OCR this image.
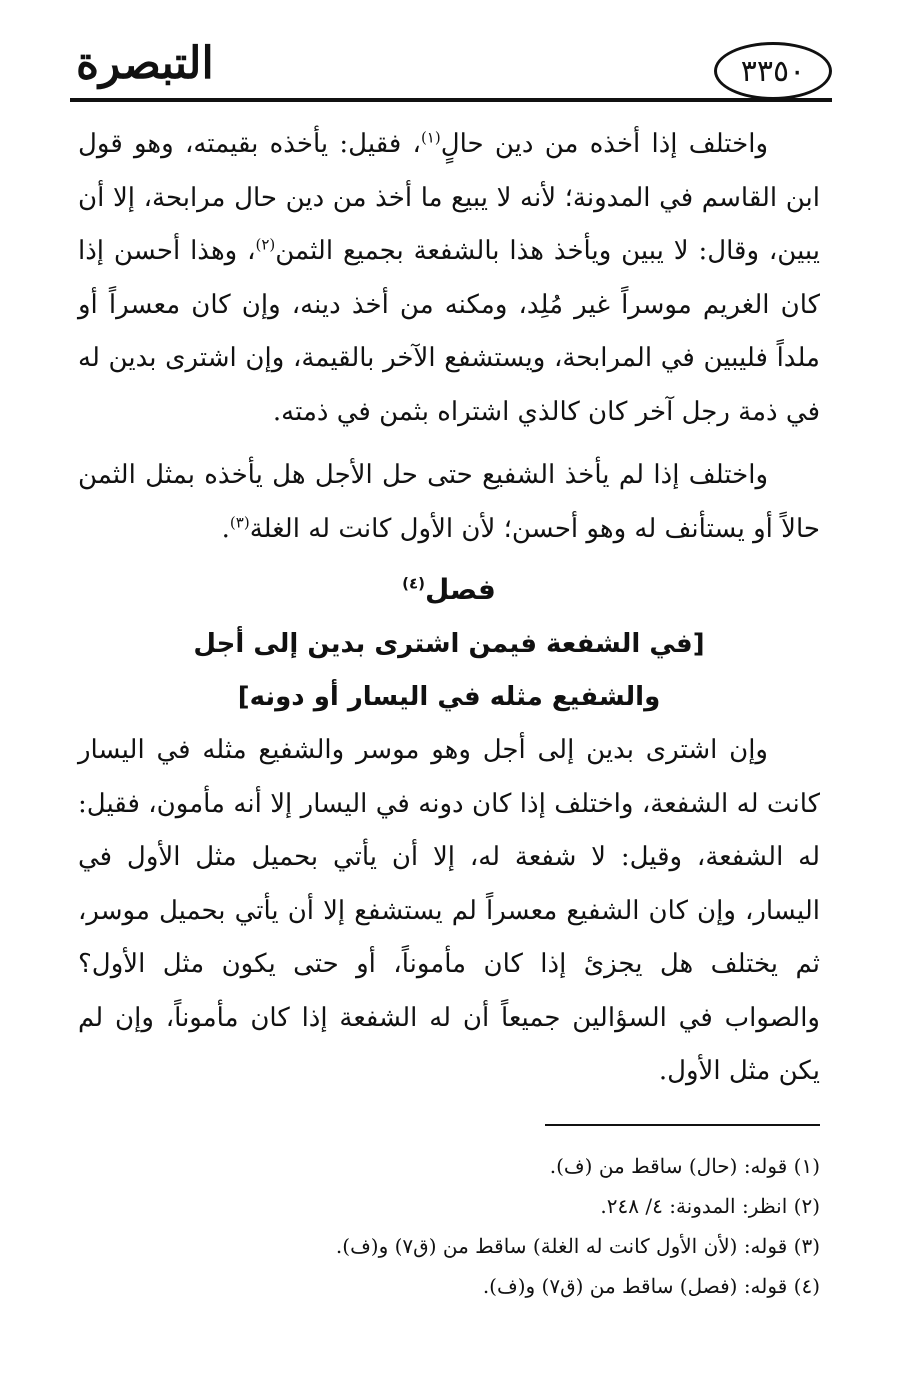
التبصرة	٣٣٥٠

واختلف إذا أخذه من دين حالٍ$^{(١)}$، فقيل: يأخذه بقيمته، وهو قول ابن القاسم في المدونة؛ لأنه لا يبيع ما أخذ من دين حال مرابحة، إلا أن يبين، وقال: لا يبين ويأخذ هذا بالشفعة بجميع الثمن$^{(٢)}$، وهذا أحسن إذا كان الغريم موسراً غير مُلِد، ومكنه من أخذ دينه، وإن كان معسراً أو ملداً فليبين في المرابحة، ويستشفع الآخر بالقيمة، وإن اشترى بدين له في ذمة رجل آخر كان كالذي اشتراه بثمن في ذمته.

واختلف إذا لم يأخذ الشفيع حتى حل الأجل هل يأخذه بمثل الثمن حالاً أو يستأنف له وهو أحسن؛ لأن الأول كانت له الغلة$^{(٣)}$.

فصل$^{(٤)}$

[في الشفعة فيمن اشترى بدين إلى أجل

والشفيع مثله في اليسار أو دونه]

وإن اشترى بدين إلى أجل وهو موسر والشفيع مثله في اليسار كانت له الشفعة، واختلف إذا كان دونه في اليسار إلا أنه مأمون، فقيل: له الشفعة، وقيل: لا شفعة له، إلا أن يأتي بحميل مثل الأول في اليسار، وإن كان الشفيع معسراً لم يستشفع إلا أن يأتي بحميل موسر، ثم يختلف هل يجزئ إذا كان مأموناً، أو حتى يكون مثل الأول؟ والصواب في السؤالين جميعاً أن له الشفعة إذا كان مأموناً، وإن لم يكن مثل الأول.

(١) قوله: (حال) ساقط من (ف).

(٢) انظر: المدونة: ٤/ ٢٤٨.

(٣) قوله: (لأن الأول كانت له الغلة) ساقط من (ق٧) و(ف).

(٤) قوله: (فصل) ساقط من (ق٧) و(ف).
